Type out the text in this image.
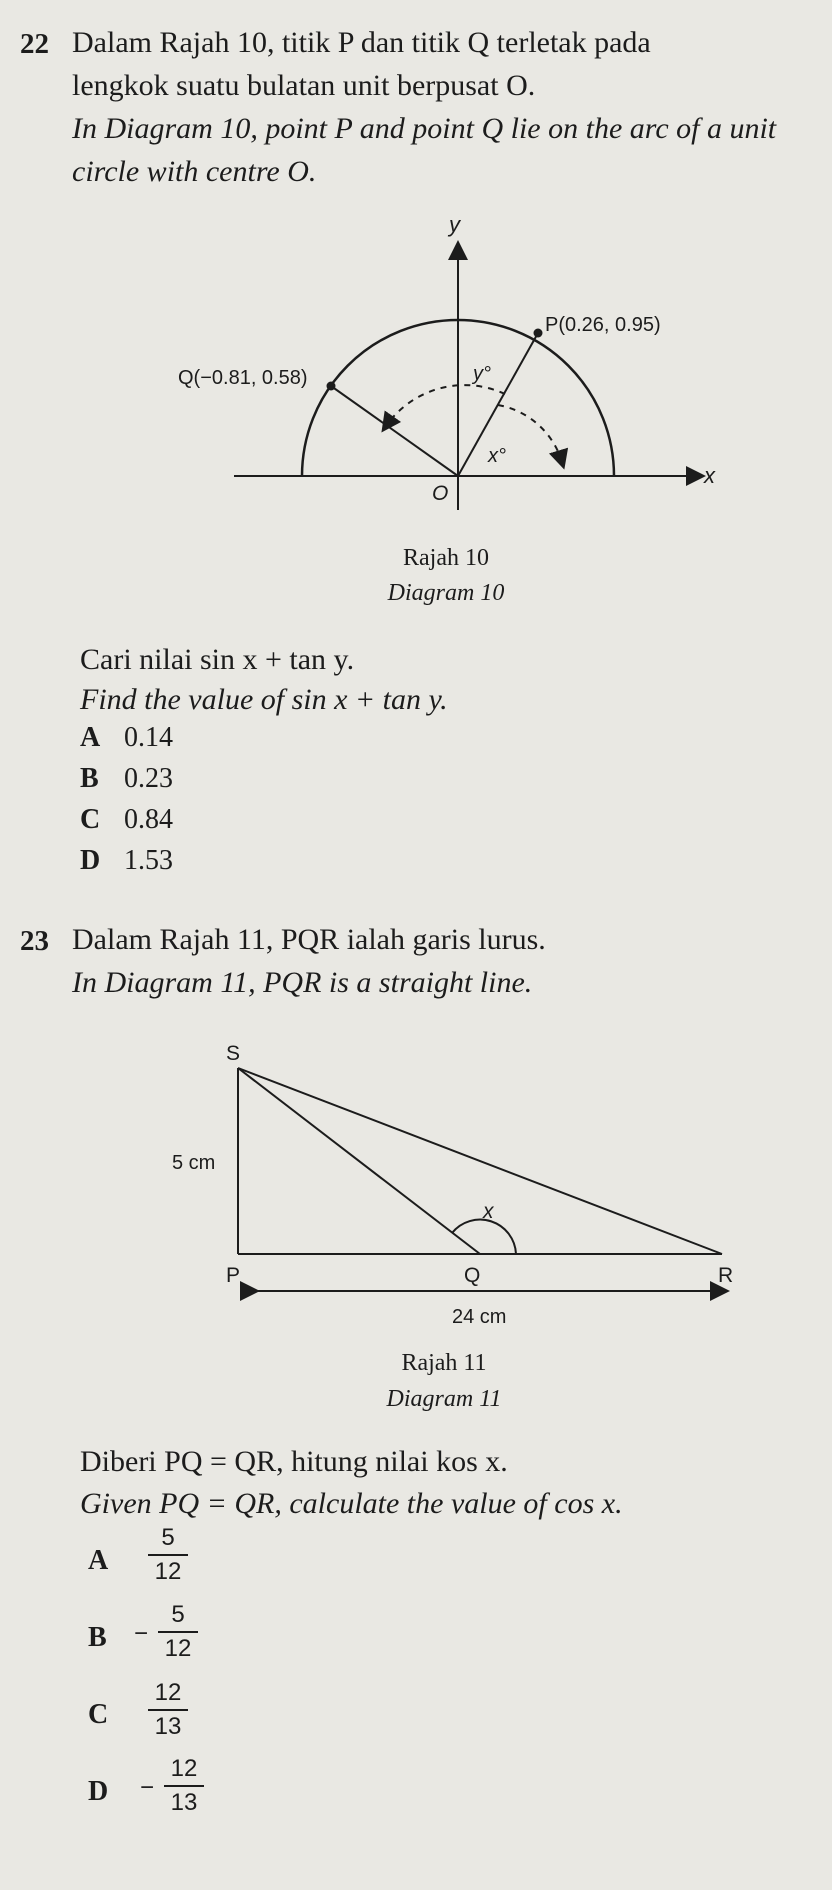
22 Dalam Rajah 10, titik P dan titik Q terletak pada
lengkok suatu bulatan unit berpusat O.
In Diagram 10, point P and point Q lie on the arc of a unit
circle with centre O.
y
x
O
P(0.26, 0.95)
Q(−0.81, 0.58)	y°
x°
Rajah 10
Diagram 10
Cari nilai sin x + tan y.
Find the value of sin x + tan y.
A 0.14
B 0.23
C 0.84
D 1.53
23 Dalam Rajah 11, PQR ialah garis lurus.
In Diagram 11, PQR is a straight line.
S
5 cm
x
P	Q	R
24 cm
Rajah 11
Diagram 11
Diberi PQ = QR, hitung nilai kos x.
Given PQ = QR, calculate the value of cos x.
A $\frac{5}{12}$
$B - \frac{5}{12}$
C $\frac{12}{13}$
$D - \frac{12}{13}$
